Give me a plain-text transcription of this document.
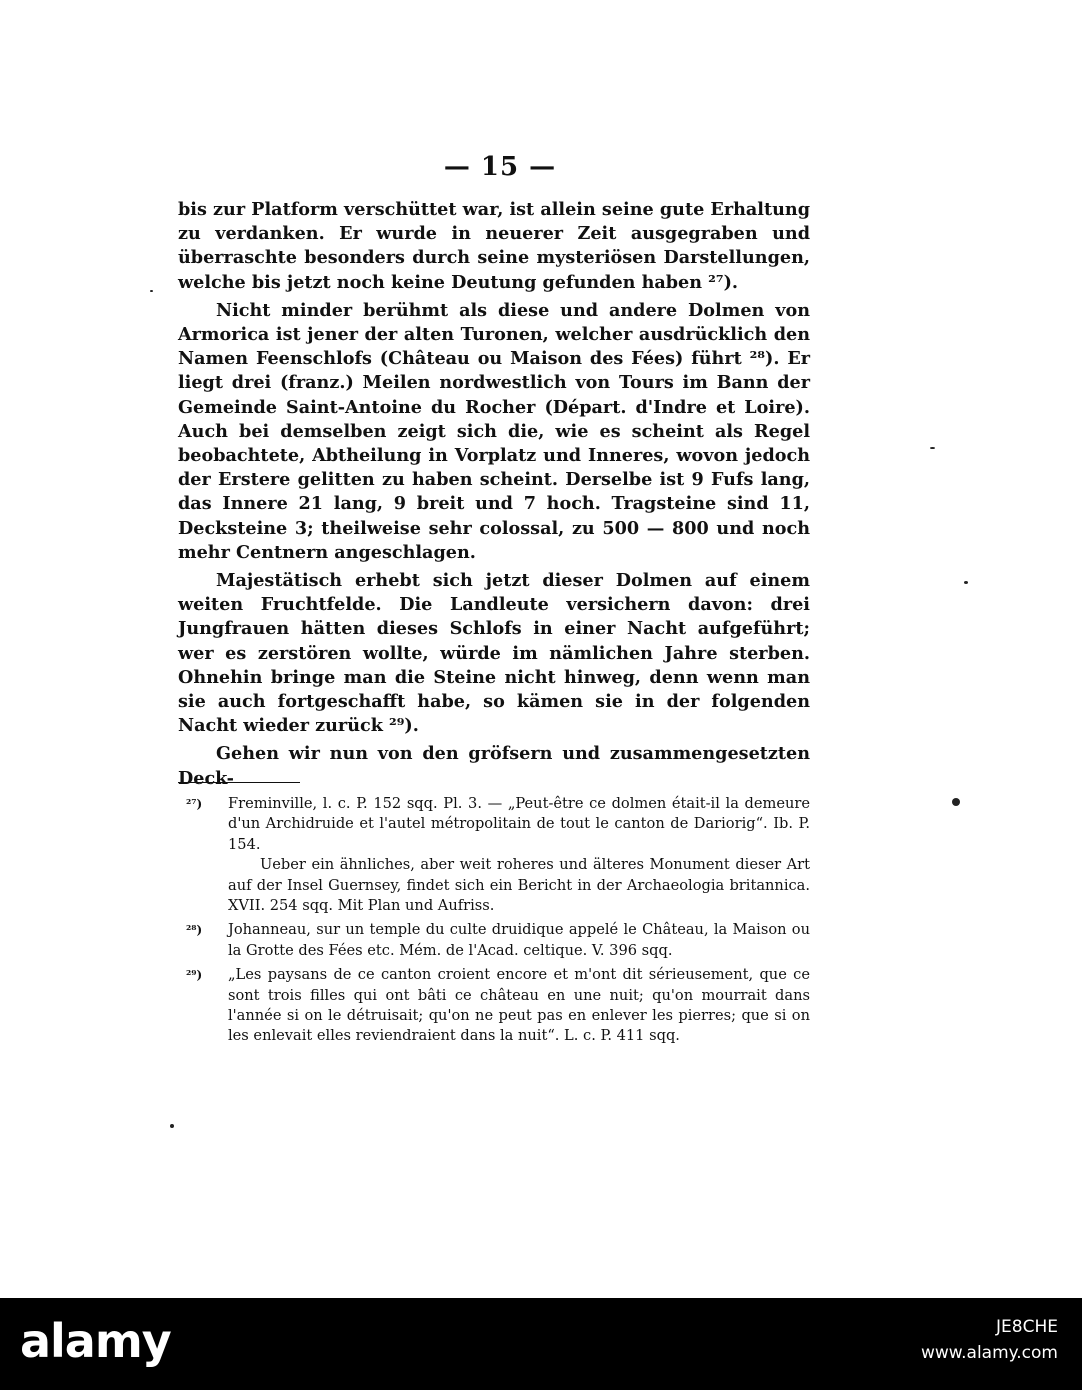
— 15 —

bis zur Platform verschüttet war, ist allein seine gute Erhaltung zu verdanken. Er wurde in neuerer Zeit ausgegraben und überraschte besonders durch seine mysteriösen Darstellungen, welche bis jetzt noch keine Deutung gefunden haben ²⁷).

Nicht minder berühmt als diese und andere Dolmen von Armorica ist jener der alten Turonen, welcher ausdrücklich den Namen Feenschlofs (Château ou Maison des Fées) führt ²⁸). Er liegt drei (franz.) Meilen nordwestlich von Tours im Bann der Gemeinde Saint-Antoine du Rocher (Départ. d'Indre et Loire). Auch bei demselben zeigt sich die, wie es scheint als Regel beobachtete, Abtheilung in Vorplatz und Inneres, wovon jedoch der Erstere gelitten zu haben scheint. Derselbe ist 9 Fufs lang, das Innere 21 lang, 9 breit und 7 hoch. Tragsteine sind 11, Decksteine 3; theilweise sehr colossal, zu 500 — 800 und noch mehr Centnern angeschlagen.

Majestätisch erhebt sich jetzt dieser Dolmen auf einem weiten Fruchtfelde. Die Landleute versichern davon: drei Jungfrauen hätten dieses Schlofs in einer Nacht aufgeführt; wer es zerstören wollte, würde im nämlichen Jahre sterben. Ohnehin bringe man die Steine nicht hinweg, denn wenn man sie auch fortgeschafft habe, so kämen sie in der folgenden Nacht wieder zurück ²⁹).

Gehen wir nun von den gröfsern und zusammengesetzten Deck-

²⁷) Freminville, l. c. P. 152 sqq. Pl. 3. — „Peut-être ce dolmen était-il la demeure d'un Archidruide et l'autel métropolitain de tout le canton de Dariorig“. Ib. P. 154.

Ueber ein ähnliches, aber weit roheres und älteres Monument dieser Art auf der Insel Guernsey, findet sich ein Bericht in der Archaeologia britannica. XVII. 254 sqq. Mit Plan und Aufriss.

²⁸) Johanneau, sur un temple du culte druidique appelé le Château, la Maison ou la Grotte des Fées etc. Mém. de l'Acad. celtique. V. 396 sqq.

²⁹) „Les paysans de ce canton croient encore et m'ont dit sérieusement, que ce sont trois filles qui ont bâti ce château en une nuit; qu'on mourrait dans l'année si on le détruisait; qu'on ne peut pas en enlever les pierres; que si on les enlevait elles reviendraient dans la nuit“. L. c. P. 411 sqq.

alamy	JE8CHE
www.alamy.com
